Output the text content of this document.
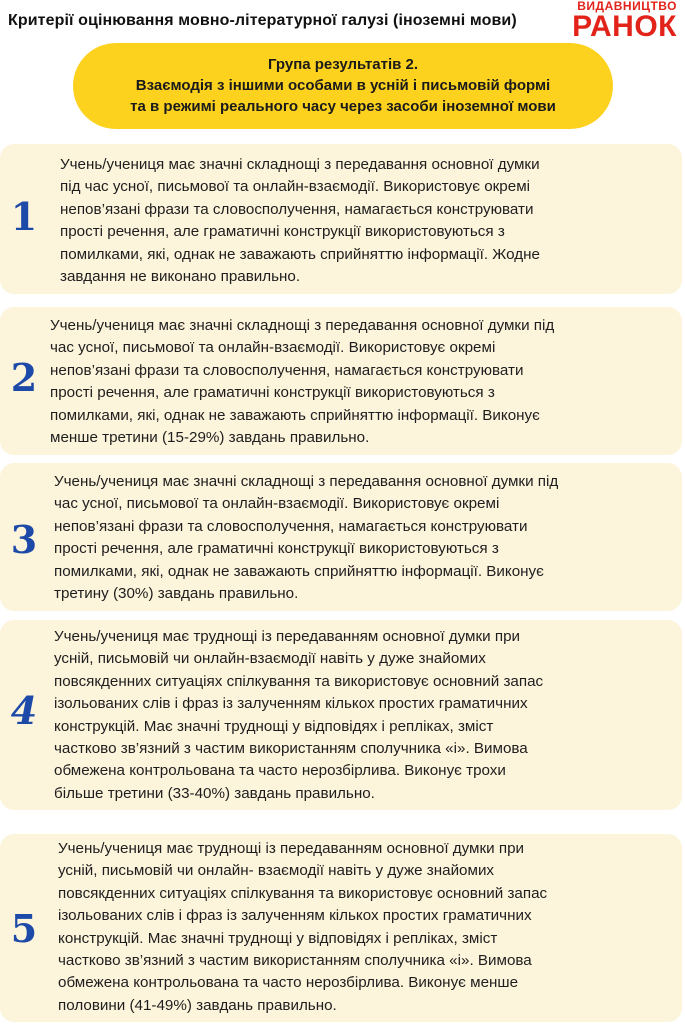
Критерії оцінювання мовно-літературної галузі (іноземні мови)
ВИДАВНИЦТВО
РАНОК
Група результатів 2.
Взаємодія з іншими особами в усній і письмовій формі
та в режимі реального часу через засоби іноземної мови
1
Учень/учениця має значні складнощі з передавання основної думки
під час усної, письмової та онлайн-взаємодії. Використовує окремі
непов’язані фрази та словосполучення, намагається конструювати
прості речення, але граматичні конструкції використовуються з
помилками, які, однак не заважають сприйняттю інформації. Жодне
завдання не виконано правильно.
2
Учень/учениця має значні складнощі з передавання основної думки під
час усної, письмової та онлайн-взаємодії. Використовує окремі
непов’язані фрази та словосполучення, намагається конструювати
прості речення, але граматичні конструкції використовуються з
помилками, які, однак не заважають сприйняттю інформації. Виконує
менше третини (15-29%) завдань правильно.
3
Учень/учениця має значні складнощі з передавання основної думки під
час усної, письмової та онлайн-взаємодії. Використовує окремі
непов’язані фрази та словосполучення, намагається конструювати
прості речення, але граматичні конструкції використовуються з
помилками, які, однак не заважають сприйняттю інформації. Виконує
третину (30%) завдань правильно.
4
Учень/учениця має труднощі із передаванням основної думки при
усній, письмовій чи онлайн-взаємодії навіть у дуже знайомих
повсякденних ситуаціях спілкування та використовує основний запас
ізольованих слів і фраз із залученням кількох простих граматичних
конструкцій. Має значні труднощі у відповідях і репліках, зміст
частково зв’язний з частим використанням сполучника «і». Вимова
обмежена контрольована та часто нерозбірлива. Виконує трохи
більше третини (33-40%) завдань правильно.
5
Учень/учениця має труднощі із передаванням основної думки при
усній, письмовій чи онлайн- взаємодії навіть у дуже знайомих
повсякденних ситуаціях спілкування та використовує основний запас
ізольованих слів і фраз із залученням кількох простих граматичних
конструкцій. Має значні труднощі у відповідях і репліках, зміст
частково зв’язний з частим використанням сполучника «і». Вимова
обмежена контрольована та часто нерозбірлива. Виконує менше
половини (41-49%) завдань правильно.
